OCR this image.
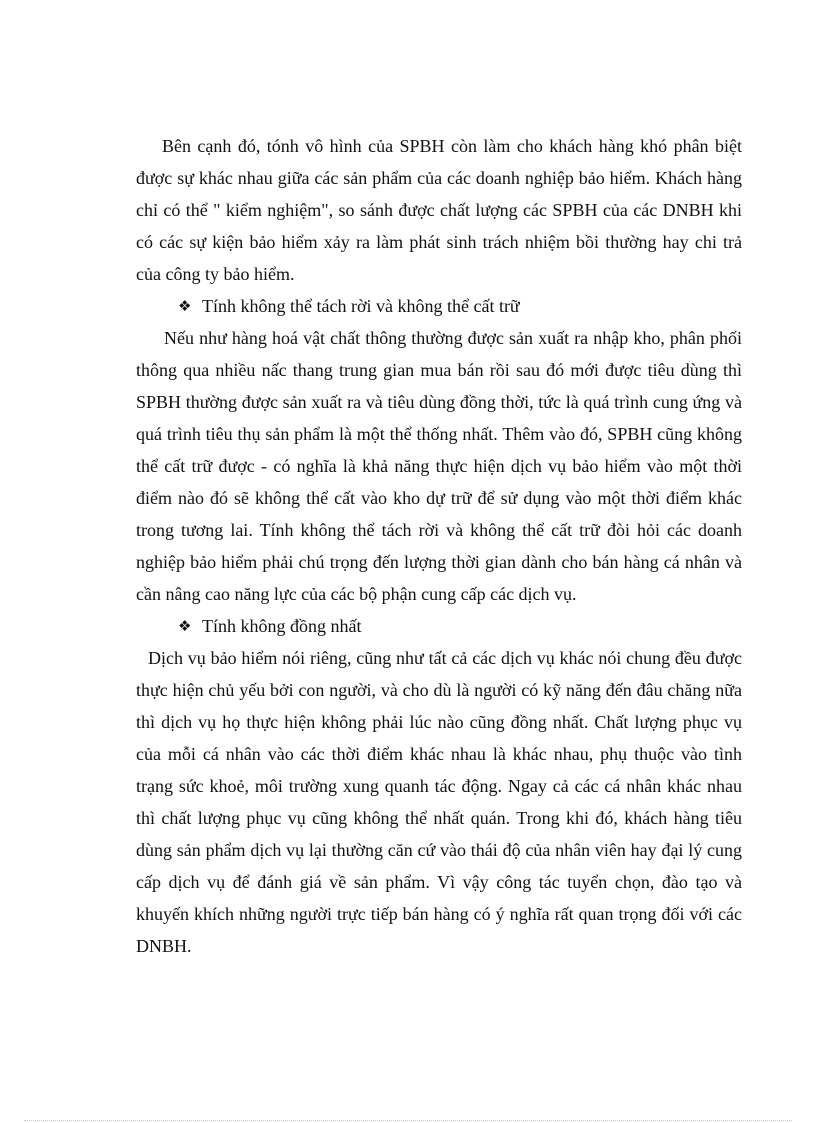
Bên cạnh đó, tónh vô hình của SPBH còn làm cho khách hàng khó phân biệt được sự khác nhau giữa các sản phẩm của các doanh nghiệp bảo hiểm. Khách hàng chỉ có thể " kiểm nghiệm", so sánh được chất lượng các SPBH của các DNBH khi có các sự kiện bảo hiểm xảy ra làm phát sinh trách nhiệm bồi thường hay chi trả của công ty bảo hiểm.

❖ Tính không thể tách rời và không thể cất trữ

Nếu như hàng hoá vật chất thông thường được sản xuất ra nhập kho, phân phối thông qua nhiều nấc thang trung gian mua bán rồi sau đó mới được tiêu dùng thì SPBH thường được sản xuất ra và tiêu dùng đồng thời, tức là quá trình cung ứng và quá trình tiêu thụ sản phẩm là một thể thống nhất. Thêm vào đó, SPBH cũng không thể cất trữ được - có nghĩa là khả năng thực hiện dịch vụ bảo hiểm vào một thời điểm nào đó sẽ không thể cất vào kho dự trữ để sử dụng vào một thời điểm khác trong tương lai. Tính không thể tách rời và không thể cất trữ đòi hỏi các doanh nghiệp bảo hiểm phải chú trọng đến lượng thời gian dành cho bán hàng cá nhân và cần nâng cao năng lực của các bộ phận cung cấp các dịch vụ.

❖ Tính không đồng nhất

Dịch vụ bảo hiểm nói riêng, cũng như tất cả các dịch vụ khác nói chung đều được thực hiện chủ yếu bởi con người, và cho dù là người có kỹ năng đến đâu chăng nữa thì dịch vụ họ thực hiện không phải lúc nào cũng đồng nhất. Chất lượng phục vụ của mỗi cá nhân vào các thời điểm khác nhau là khác nhau, phụ thuộc vào tình trạng sức khoẻ, môi trường xung quanh tác động. Ngay cả các cá nhân khác nhau thì chất lượng phục vụ cũng không thể nhất quán. Trong khi đó, khách hàng tiêu dùng sản phẩm dịch vụ lại thường căn cứ vào thái độ của nhân viên hay đại lý cung cấp dịch vụ để đánh giá về sản phẩm. Vì vậy công tác tuyển chọn, đào tạo và khuyến khích những người trực tiếp bán hàng có ý nghĩa rất quan trọng đối với các DNBH.
